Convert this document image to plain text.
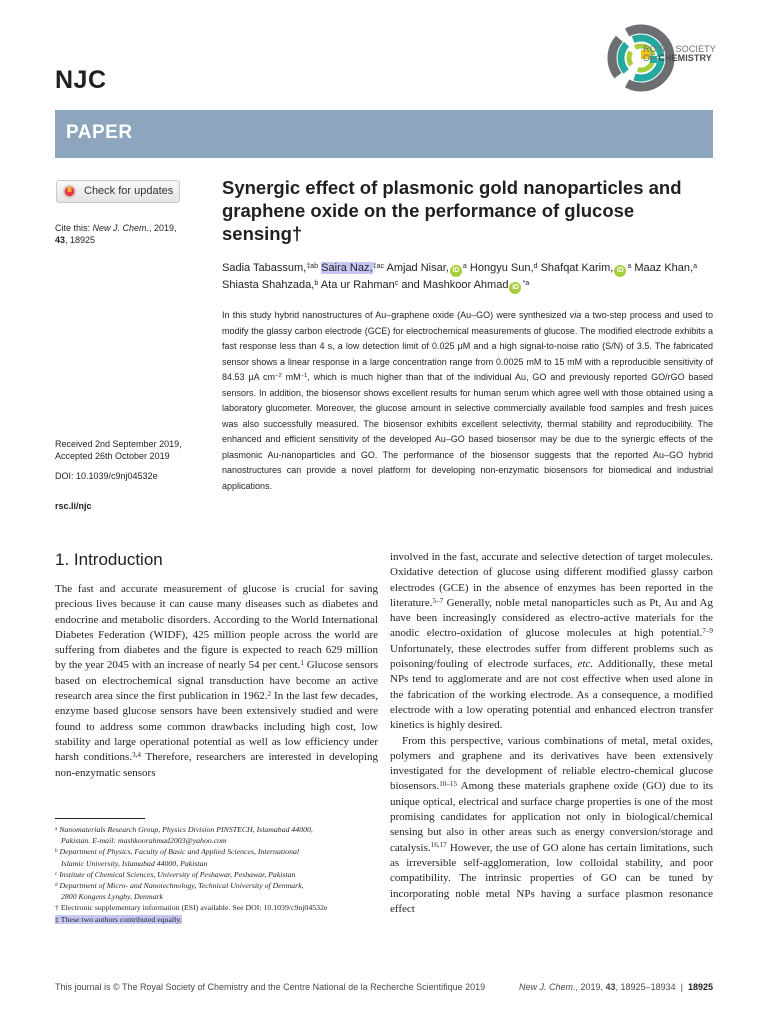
NJC
ROYAL SOCIETY
OF CHEMISTRY
PAPER
Check for updates
Cite this: New J. Chem., 2019,
43, 18925
Received 2nd September 2019,
Accepted 26th October 2019
DOI: 10.1039/c9nj04532e
rsc.li/njc
Synergic effect of plasmonic gold nanoparticles and graphene oxide on the performance of glucose sensing†
Sadia Tabassum,$^{\ddagger ab}$ Saira Naz,$^{\ddagger ac}$ Amjad Nisar, $iD^a$ Hongyu Sun,$^d$ Shafqat Karim, $iD^a$ Maaz Khan,$^a$ Shiasta Shahzada,$^b$ Ata ur Rahman$^c$ and Mashkoor Ahmad $iD^{*a}$
In this study hybrid nanostructures of Au–graphene oxide (Au–GO) were synthesized via a two-step process and used to modify the glassy carbon electrode (GCE) for electrochemical measurements of glucose. The modified electrode exhibits a fast response less than 4 s, a low detection limit of 0.025 μM and a high signal-to-noise ratio (S/N) of 3.5. The fabricated sensor shows a linear response in a large concentration range from 0.0025 mM to 15 mM with a reproducible sensitivity of 84.53 μA $cm^{-2}$ $mM^{-1}$, which is much higher than that of the individual Au, GO and previously reported GO/rGO based sensors. In addition, the biosensor shows excellent results for human serum which agree well with those obtained using a laboratory glucometer. Moreover, the glucose amount in selective commercially available food samples and fresh juices was also successfully measured. The biosensor exhibits excellent selectivity, thermal stability and reproducibility. The enhanced and efficient sensitivity of the developed Au–GO based biosensor may be due to the synergic effects of the plasmonic Au-nanoparticles and GO. The performance of the biosensor suggests that the reported Au–GO hybrid nanostructures can provide a novel platform for developing non-enzymatic biosensors for biomedical and industrial applications.
1. Introduction

The fast and accurate measurement of glucose is crucial for saving precious lives because it can cause many diseases such as diabetes and endocrine and metabolic disorders. According to the World International Diabetes Federation (WIDF), 425 million people across the world are suffering from diabetes and the figure is expected to reach 629 million by the year 2045 with an increase of nearly 54 per cent.$^1$ Glucose sensors based on electrochemical signal transduction have become an active research area since the first publication in 1962.$^2$ In the last few decades, enzyme based glucose sensors have been extensively studied and were found to address some common drawbacks including high cost, low stability and large operational potential as well as low efficiency under harsh conditions.$^{3,4}$ Therefore, researchers are interested in developing non-enzymatic sensors

involved in the fast, accurate and selective detection of target molecules. Oxidative detection of glucose using different modified glassy carbon electrodes (GCE) in the absence of enzymes has been reported in the literature.$^{5-7}$ Generally, noble metal nanoparticles such as Pt, Au and Ag have been increasingly considered as electro-active materials for the anodic electro-oxidation of glucose molecules at high potential.$^{7-9}$ Unfortunately, these electrodes suffer from different problems such as poisoning/fouling of electrode surfaces, etc. Additionally, these metal NPs tend to agglomerate and are not cost effective when used alone in the fabrication of the working electrode. As a consequence, a modified electrode with a low operating potential and enhanced electron transfer kinetics is highly desired.

From this perspective, various combinations of metal, metal oxides, polymers and graphene and its derivatives have been extensively investigated for the development of reliable electro-chemical glucose biosensors.$^{10-15}$ Among these materials graphene oxide (GO) due to its unique optical, electrical and surface charge properties is one of the most promising candidates for application not only in biological/chemical sensing but also in other areas such as energy conversion/storage and catalysis.$^{16,17}$ However, the use of GO alone has certain limitations, such as irreversible self-agglomeration, low colloidal stability, and poor compatibility. The intrinsic properties of GO can be tuned by incorporating noble metal NPs having a surface plasmon resonance effect

$^a$ Nanomaterials Research Group, Physics Division PINSTECH, Islamabad 44000,
Pakistan. E-mail: mashkoorahmad2003@yahoo.com
$^b$ Department of Physics, Faculty of Basic and Applied Sciences, International
Islamic University, Islamabad 44000, Pakistan
$^c$ Institute of Chemical Sciences, University of Peshawar, Peshawar, Pakistan
$^d$ Department of Micro- and Nanotechnology, Technical University of Denmark,
2800 Kongens Lyngby, Denmark
† Electronic supplementary information (ESI) available. See DOI: 10.1039/c9nj04532e
‡ These two authors contributed equally.
This journal is © The Royal Society of Chemistry and the Centre National de la Recherche Scientifique 2019	New J. Chem., 2019, 43, 18925–18934 | 18925
